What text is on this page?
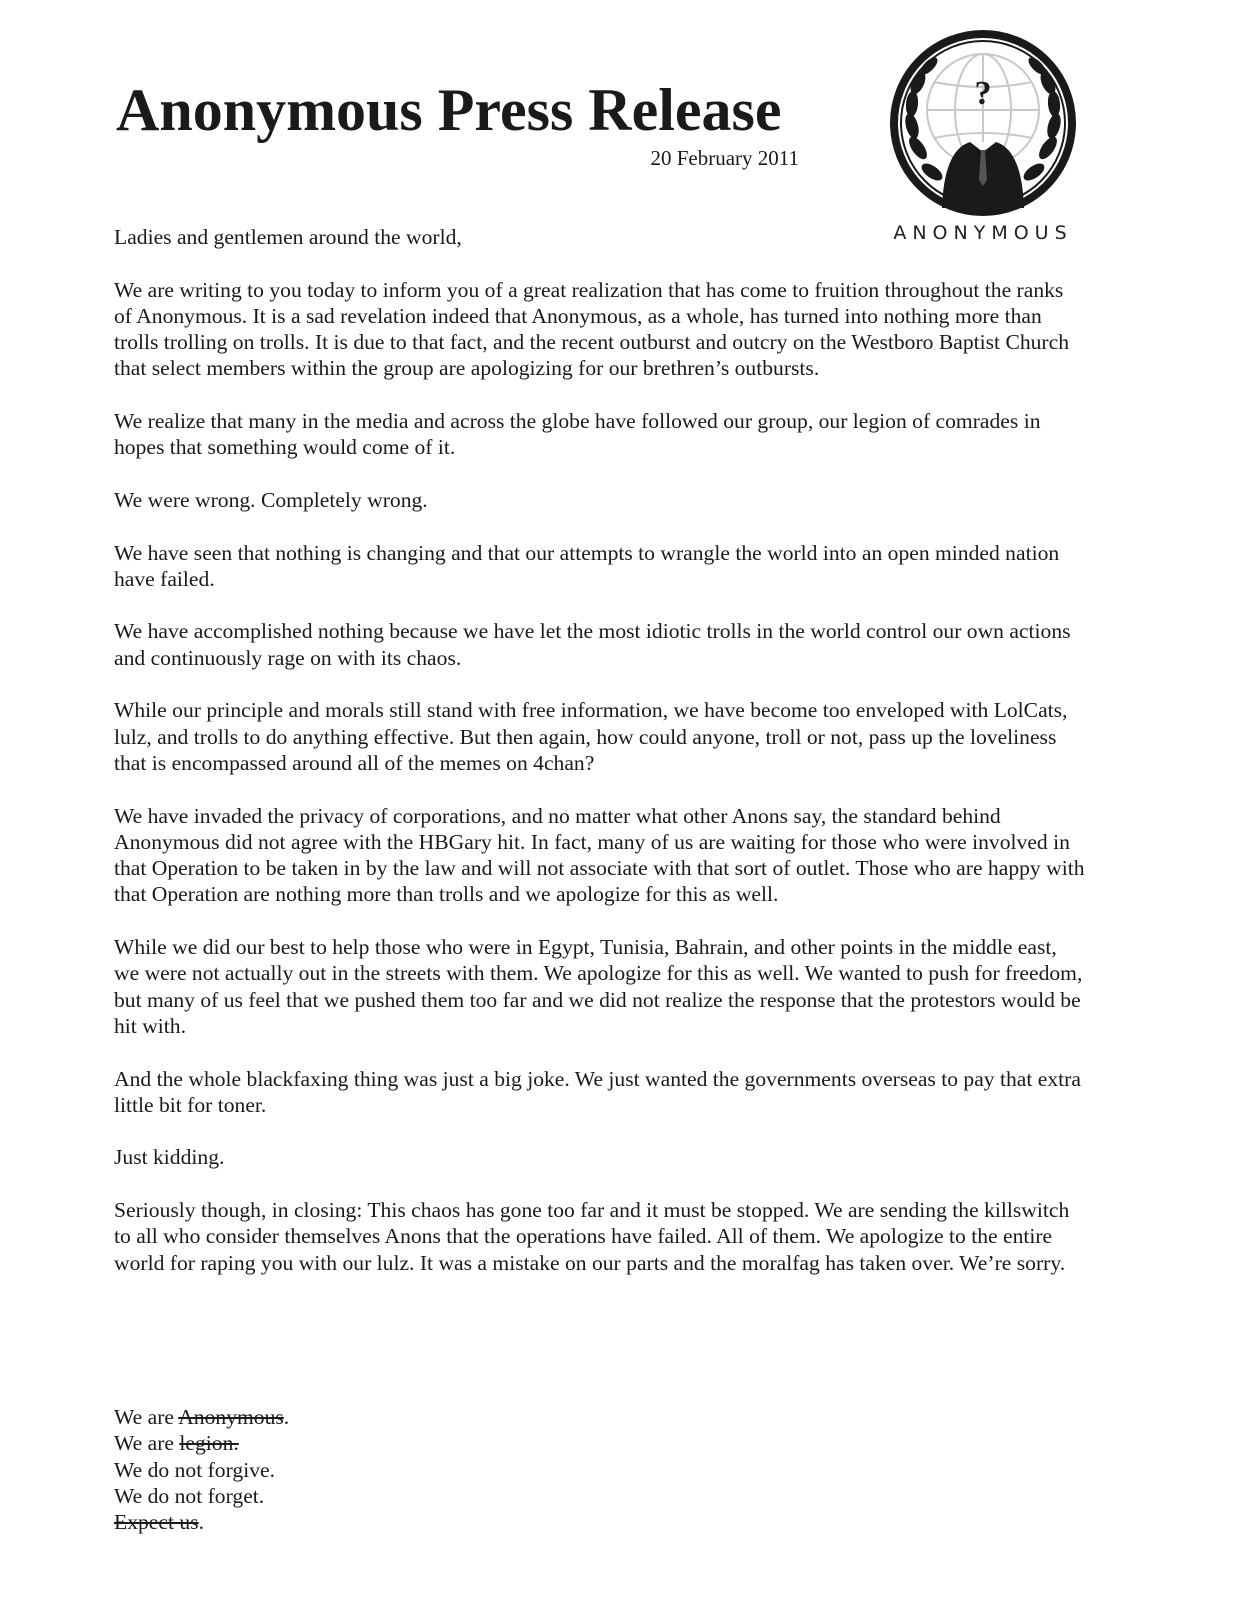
Anonymous Press Release
20 February 2011
?
ANONYMOUS

Ladies and gentlemen around the world,

We are writing to you today to inform you of a great realization that has come to fruition throughout the ranks of Anonymous. It is a sad revelation indeed that Anonymous, as a whole, has turned into nothing more than trolls trolling on trolls. It is due to that fact, and the recent outburst and outcry on the Westboro Baptist Church that select members within the group are apologizing for our brethren’s outbursts.

We realize that many in the media and across the globe have followed our group, our legion of comrades in hopes that something would come of it.

We were wrong. Completely wrong.

We have seen that nothing is changing and that our attempts to wrangle the world into an open minded nation have failed.

We have accomplished nothing because we have let the most idiotic trolls in the world control our own actions and continuously rage on with its chaos.

While our principle and morals still stand with free information, we have become too enveloped with LolCats, lulz, and trolls to do anything effective. But then again, how could anyone, troll or not, pass up the loveliness that is encompassed around all of the memes on 4chan?

We have invaded the privacy of corporations, and no matter what other Anons say, the standard behind Anonymous did not agree with the HBGary hit. In fact, many of us are waiting for those who were involved in that Operation to be taken in by the law and will not associate with that sort of outlet. Those who are happy with that Operation are nothing more than trolls and we apologize for this as well.

While we did our best to help those who were in Egypt, Tunisia, Bahrain, and other points in the middle east, we were not actually out in the streets with them. We apologize for this as well. We wanted to push for freedom, but many of us feel that we pushed them too far and we did not realize the response that the protestors would be hit with.

And the whole blackfaxing thing was just a big joke. We just wanted the governments overseas to pay that extra little bit for toner.

Just kidding.

Seriously though, in closing: This chaos has gone too far and it must be stopped. We are sending the killswitch to all who consider themselves Anons that the operations have failed. All of them. We apologize to the entire world for raping you with our lulz. It was a mistake on our parts and the moralfag has taken over. We’re sorry.

We are Anonymous.
We are legion.
We do not forgive.
We do not forget.
Expect us.
